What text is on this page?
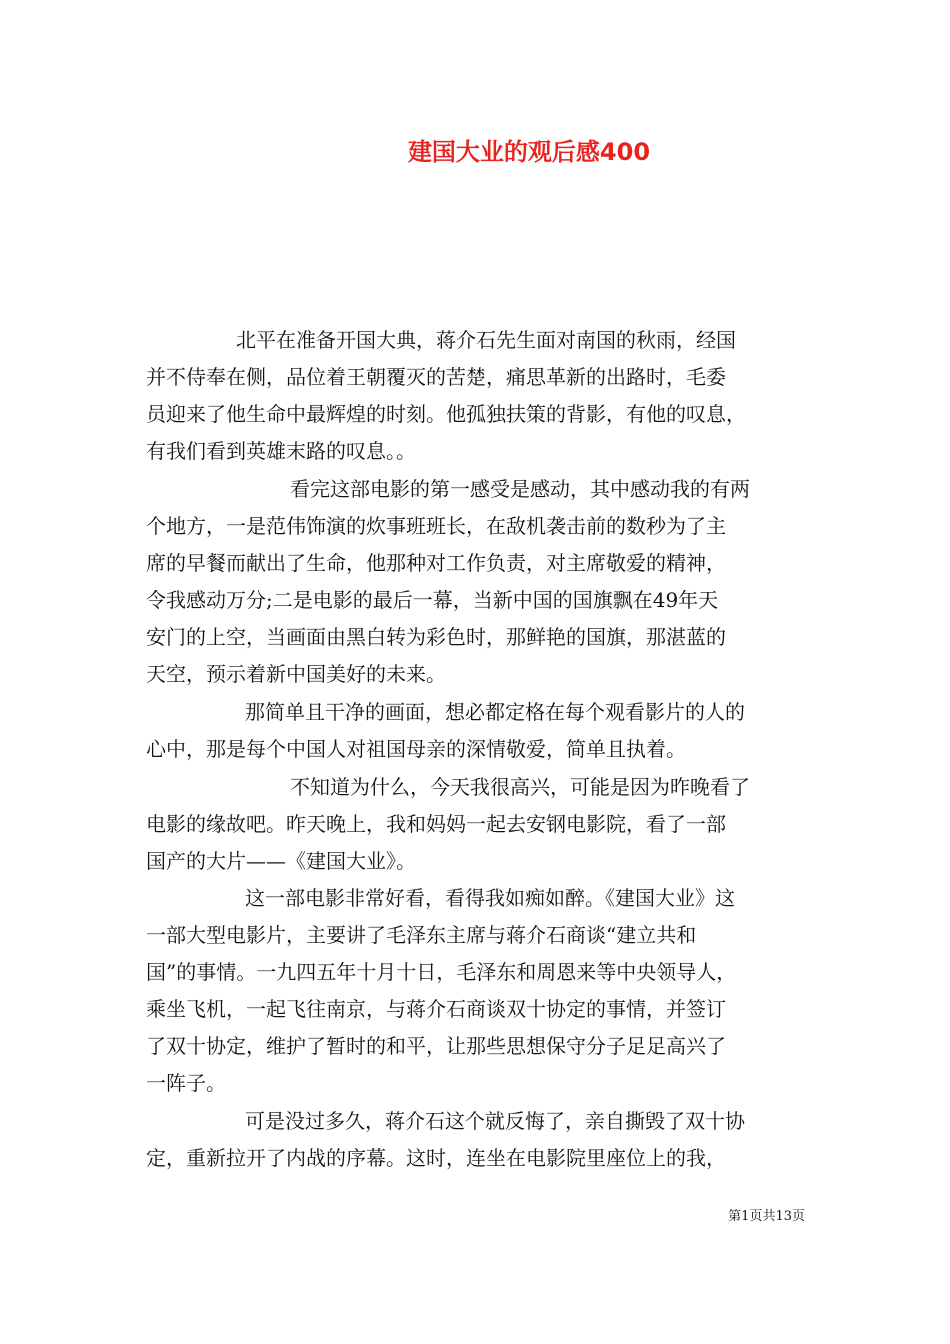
建国大业的观后感400
北平在准备开国大典，蒋介石先生面对南国的秋雨，经国
并不侍奉在侧，品位着王朝覆灭的苦楚，痛思革新的出路时，毛委
员迎来了他生命中最辉煌的时刻。他孤独扶策的背影，有他的叹息，
有我们看到英雄末路的叹息。。
看完这部电影的第一感受是感动，其中感动我的有两
个地方，一是范伟饰演的炊事班班长，在敌机袭击前的数秒为了主
席的早餐而献出了生命，他那种对工作负责，对主席敬爱的精神，
令我感动万分;二是电影的最后一幕，当新中国的国旗飘在49年天
安门的上空，当画面由黑白转为彩色时，那鲜艳的国旗，那湛蓝的
天空，预示着新中国美好的未来。
那简单且干净的画面，想必都定格在每个观看影片的人的
心中，那是每个中国人对祖国母亲的深情敬爱，简单且执着。
不知道为什么，今天我很高兴，可能是因为昨晚看了
电影的缘故吧。昨天晚上，我和妈妈一起去安钢电影院，看了一部
国产的大片——《建国大业》。
这一部电影非常好看，看得我如痴如醉。《建国大业》这
一部大型电影片，主要讲了毛泽东主席与蒋介石商谈“建立共和
国”的事情。一九四五年十月十日，毛泽东和周恩来等中央领导人，
乘坐飞机，一起飞往南京，与蒋介石商谈双十协定的事情，并签订
了双十协定，维护了暂时的和平，让那些思想保守分子足足高兴了
一阵子。
可是没过多久，蒋介石这个就反悔了，亲自撕毁了双十协
定，重新拉开了内战的序幕。这时，连坐在电影院里座位上的我，
第1页共13页
